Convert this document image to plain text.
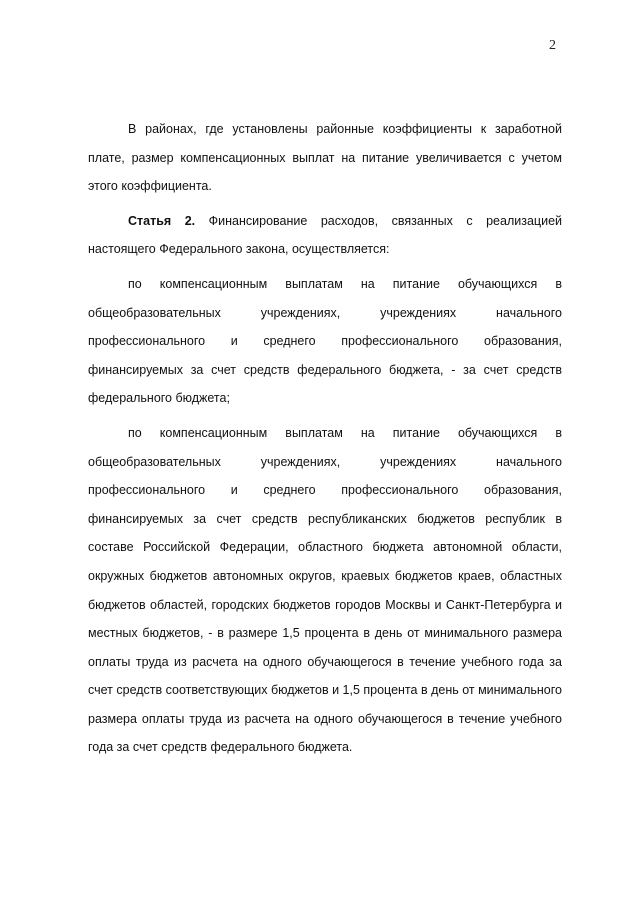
2

В районах, где установлены районные коэффициенты к заработной плате, размер компенсационных выплат на питание увеличивается с учетом этого коэффициента.

Статья 2. Финансирование расходов, связанных с реализацией настоящего Федерального закона, осуществляется:

по компенсационным выплатам на питание обучающихся в общеобразовательных учреждениях, учреждениях начального профессионального и среднего профессионального образования, финансируемых за счет средств федерального бюджета, - за счет средств федерального бюджета;

по компенсационным выплатам на питание обучающихся в общеобразовательных учреждениях, учреждениях начального профессионального и среднего профессионального образования, финансируемых за счет средств республиканских бюджетов республик в составе Российской Федерации, областного бюджета автономной области, окружных бюджетов автономных округов, краевых бюджетов краев, областных бюджетов областей, городских бюджетов городов Москвы и Санкт-Петербурга и местных бюджетов, - в размере 1,5 процента в день от минимального размера оплаты труда из расчета на одного обучающегося в течение учебного года за счет средств соответствующих бюджетов и 1,5 процента в день от минимального размера оплаты труда из расчета на одного обучающегося в течение учебного года за счет средств федерального бюджета.
